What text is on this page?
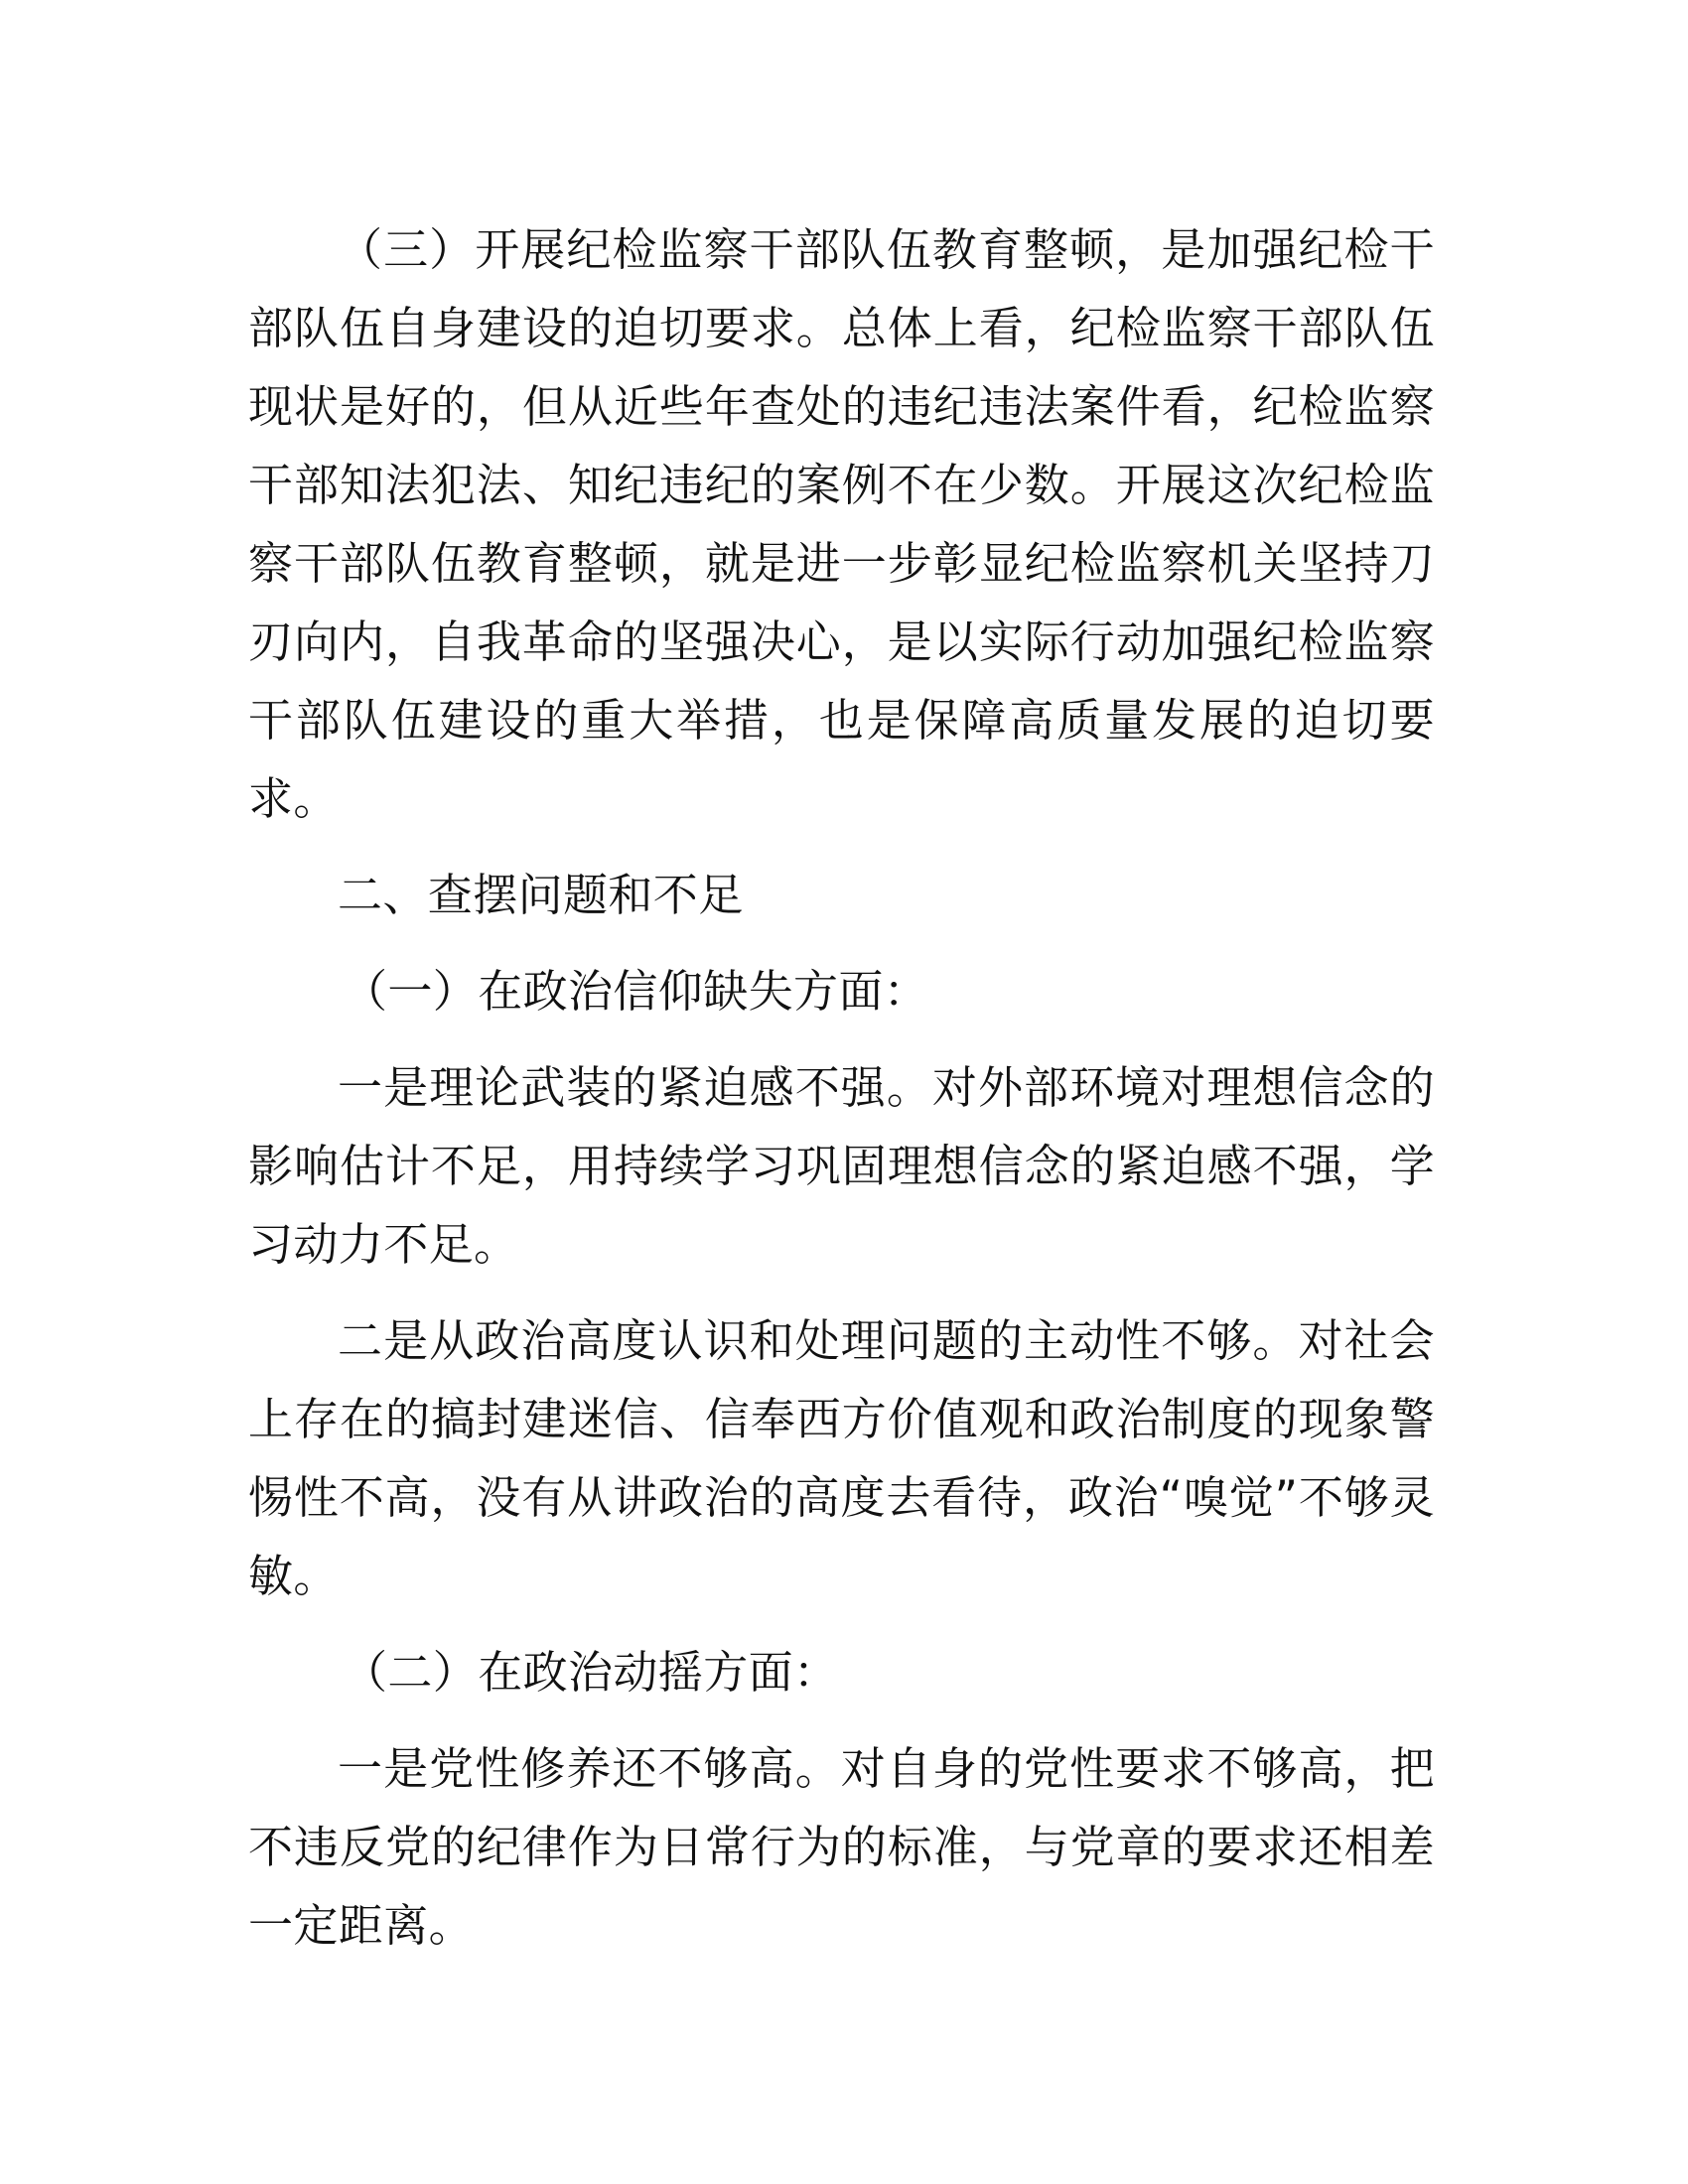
（三）开展纪检监察干部队伍教育整顿，是加强纪检干部队伍自身建设的迫切要求。总体上看，纪检监察干部队伍现状是好的，但从近些年查处的违纪违法案件看，纪检监察干部知法犯法、知纪违纪的案例不在少数。开展这次纪检监察干部队伍教育整顿，就是进一步彰显纪检监察机关坚持刀刃向内，自我革命的坚强决心，是以实际行动加强纪检监察干部队伍建设的重大举措，也是保障高质量发展的迫切要求。

二、查摆问题和不足

（一）在政治信仰缺失方面：

一是理论武装的紧迫感不强。对外部环境对理想信念的影响估计不足，用持续学习巩固理想信念的紧迫感不强，学习动力不足。

二是从政治高度认识和处理问题的主动性不够。对社会上存在的搞封建迷信、信奉西方价值观和政治制度的现象警惕性不高，没有从讲政治的高度去看待，政治“嗅觉”不够灵敏。

（二）在政治动摇方面：

一是党性修养还不够高。对自身的党性要求不够高，把不违反党的纪律作为日常行为的标准，与党章的要求还相差一定距离。
